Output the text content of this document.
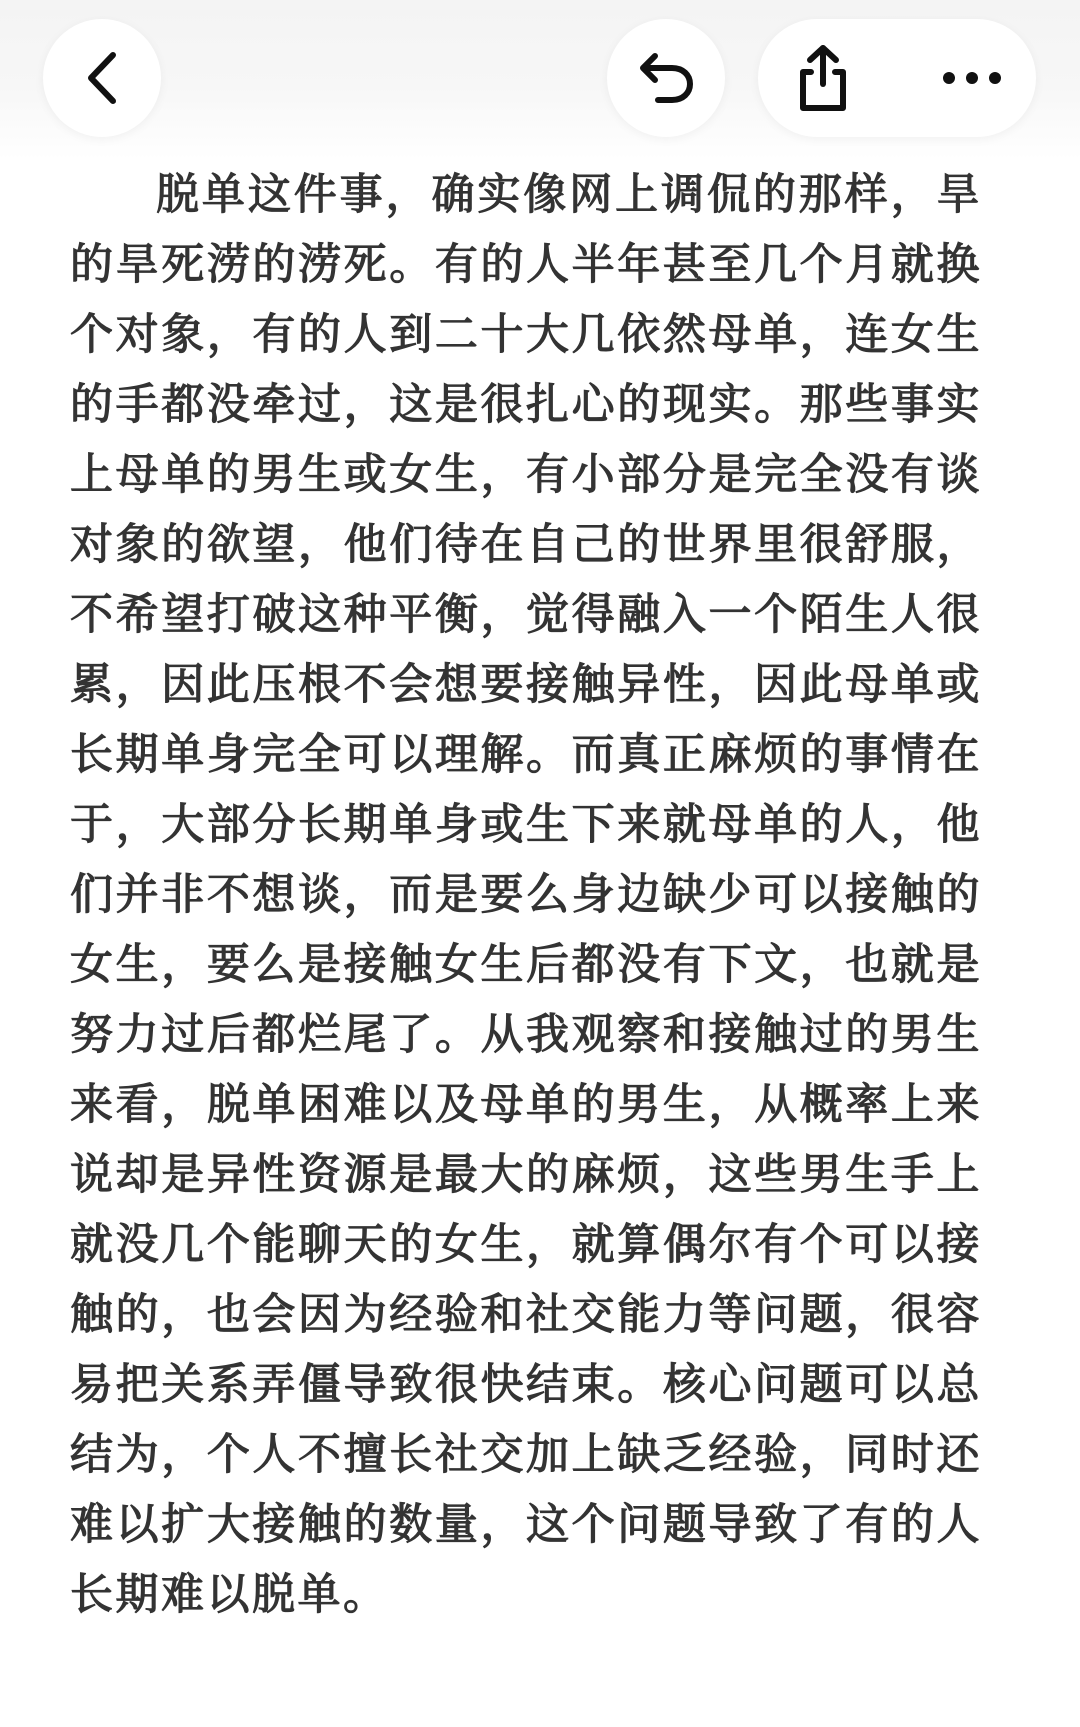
脱单这件事，确实像网上调侃的那样，旱的旱死涝的涝死。有的人半年甚至几个月就换个对象，有的人到二十大几依然母单，连女生的手都没牵过，这是很扎心的现实。那些事实上母单的男生或女生，有小部分是完全没有谈对象的欲望，他们待在自己的世界里很舒服，不希望打破这种平衡，觉得融入一个陌生人很累，因此压根不会想要接触异性，因此母单或长期单身完全可以理解。而真正麻烦的事情在于，大部分长期单身或生下来就母单的人，他们并非不想谈，而是要么身边缺少可以接触的女生，要么是接触女生后都没有下文，也就是努力过后都烂尾了。从我观察和接触过的男生来看，脱单困难以及母单的男生，从概率上来说却是异性资源是最大的麻烦，这些男生手上就没几个能聊天的女生，就算偶尔有个可以接触的，也会因为经验和社交能力等问题，很容易把关系弄僵导致很快结束。核心问题可以总结为，个人不擅长社交加上缺乏经验，同时还难以扩大接触的数量，这个问题导致了有的人长期难以脱单。
